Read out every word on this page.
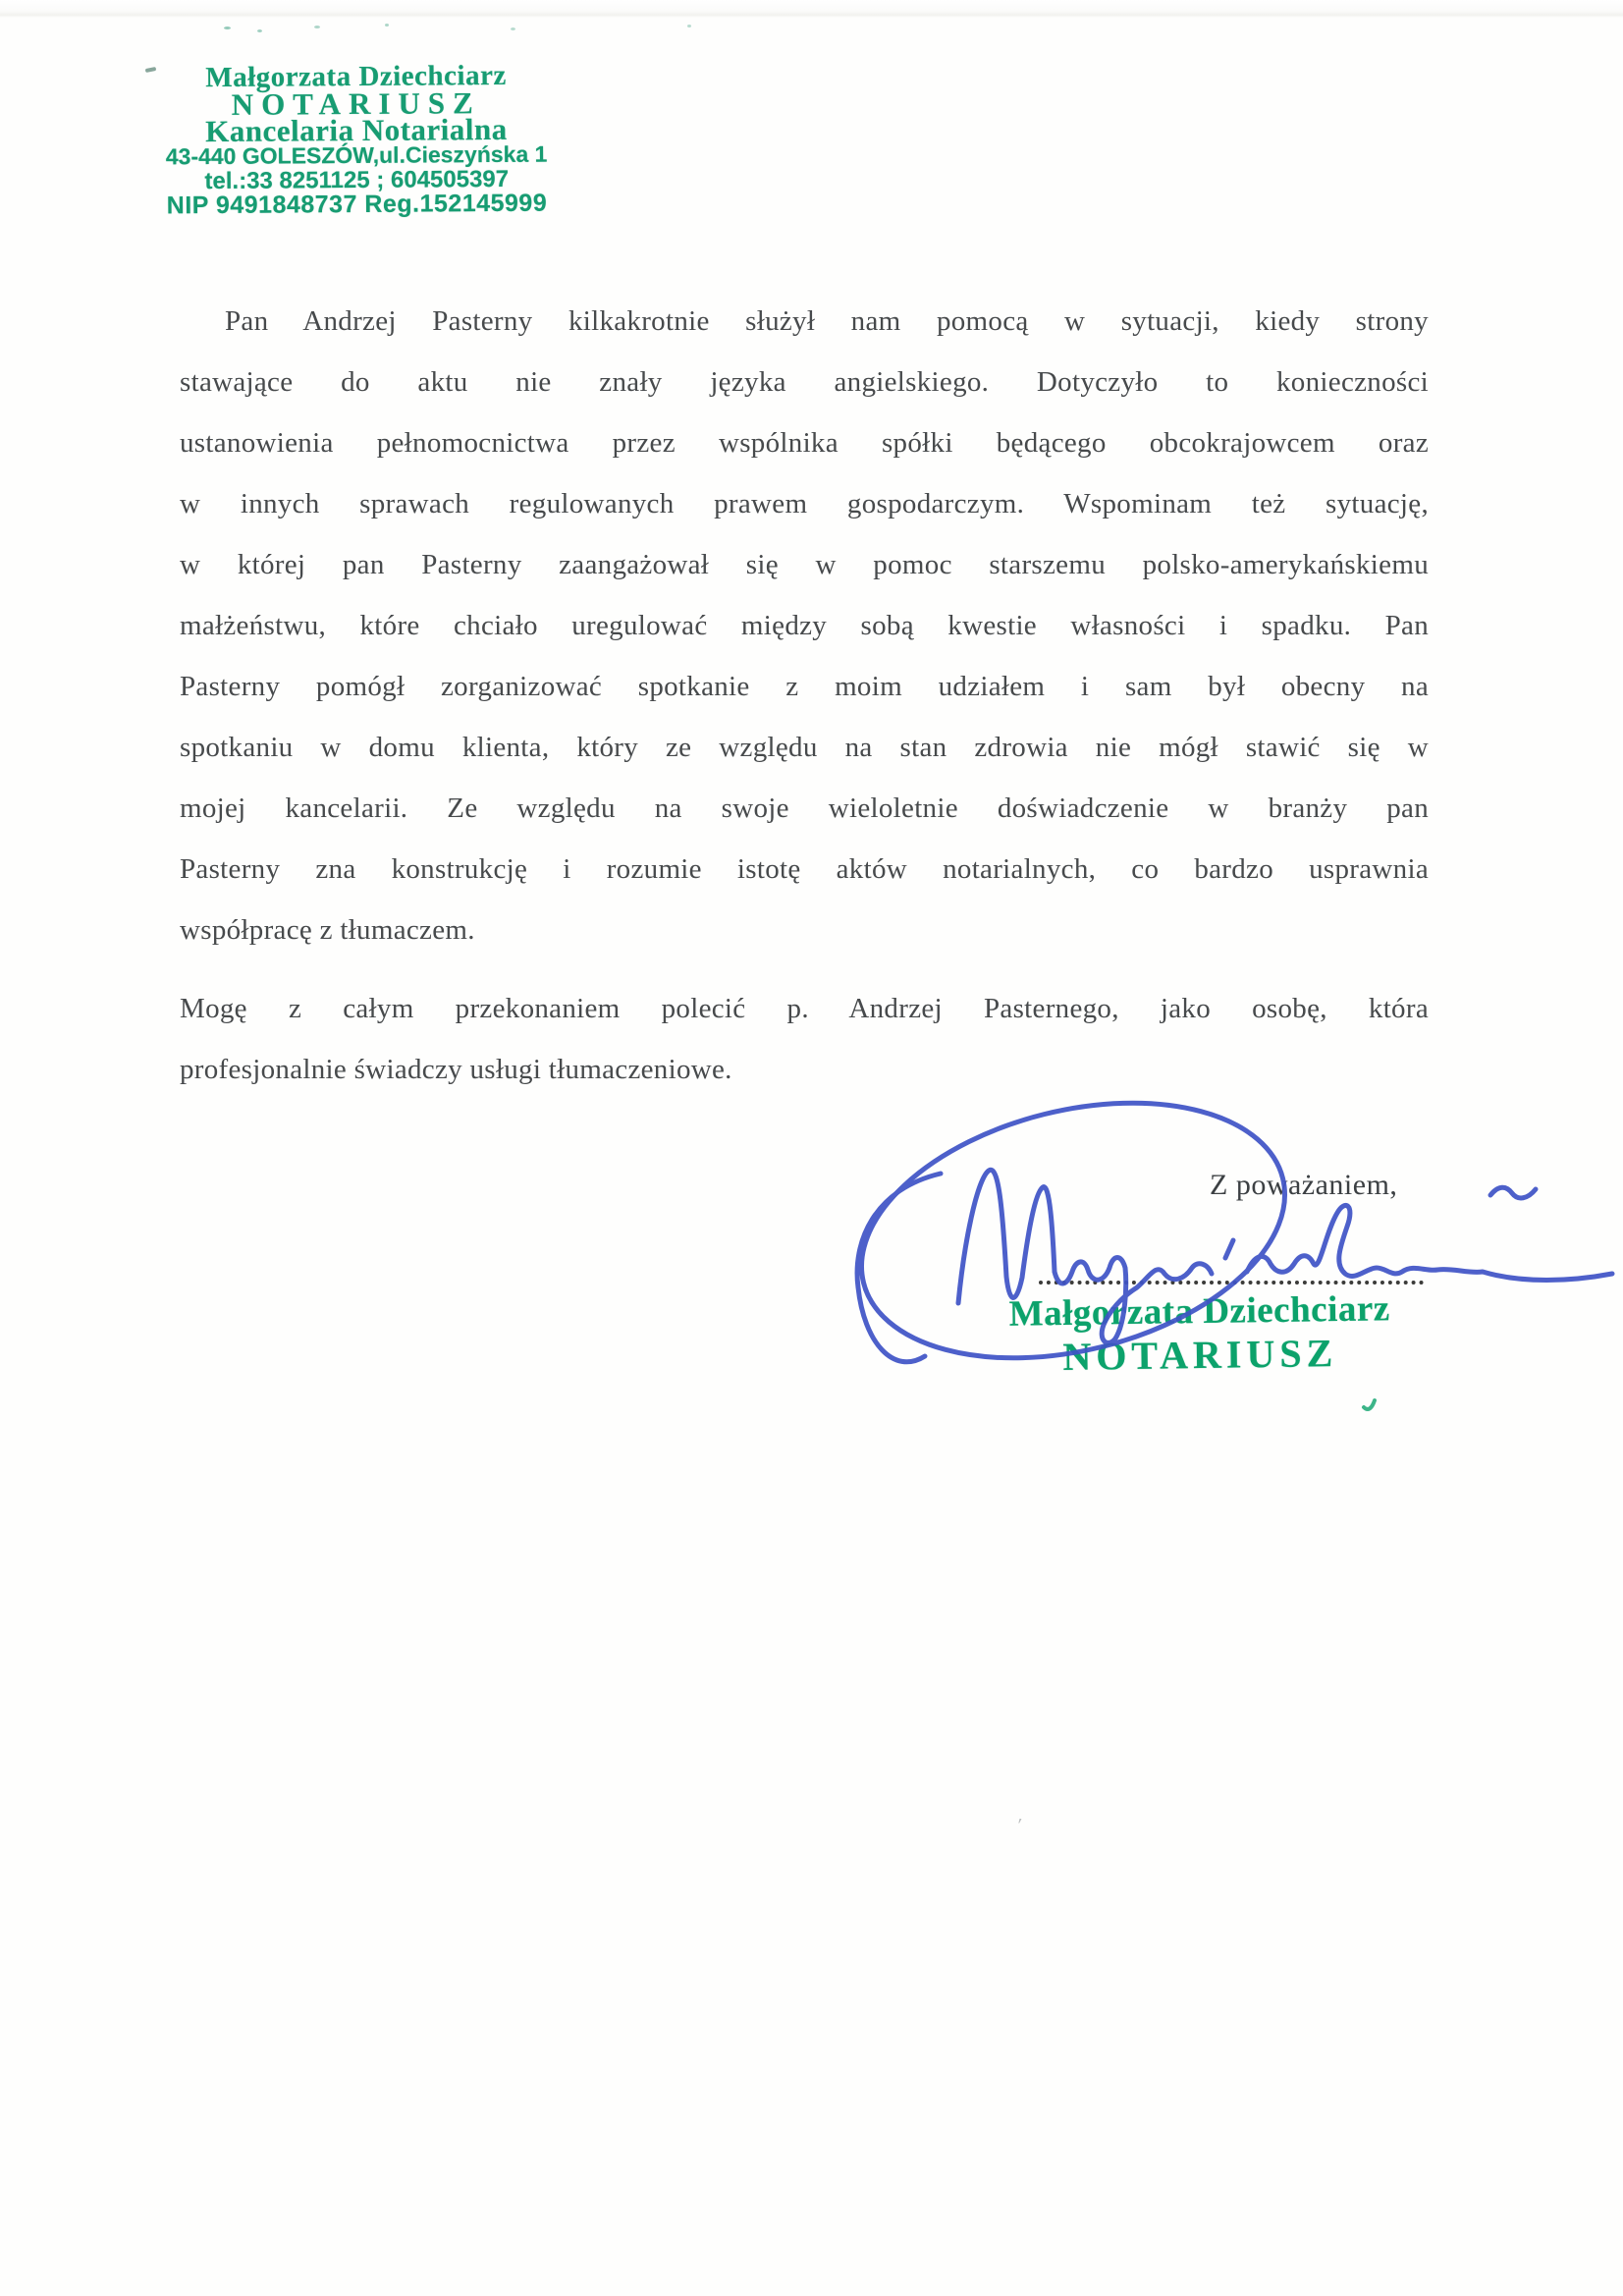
Małgorzata Dziechciarz
NOTARIUSZ
Kancelaria Notarialna
43-440 GOLESZÓW,ul.Cieszyńska 1
tel.:33 8251125 ; 604505397
NIP 9491848737 Reg.152145999
Pan Andrzej Pasterny kilkakrotnie służył nam pomocą w sytuacji, kiedy strony
stawające do aktu nie znały języka angielskiego. Dotyczyło to konieczności
ustanowienia pełnomocnictwa przez wspólnika spółki będącego obcokrajowcem oraz
w innych sprawach regulowanych prawem gospodarczym. Wspominam też sytuację,
w której pan Pasterny zaangażował się w pomoc starszemu polsko-amerykańskiemu
małżeństwu, które chciało uregulować między sobą kwestie własności i spadku. Pan
Pasterny pomógł zorganizować spotkanie z moim udziałem i sam był obecny na
spotkaniu w domu klienta, który ze względu na stan zdrowia nie mógł stawić się w
mojej kancelarii. Ze względu na swoje wieloletnie doświadczenie w branży pan
Pasterny zna konstrukcję i rozumie istotę aktów notarialnych, co bardzo usprawnia
współpracę z tłumaczem.
Mogę z całym przekonaniem polecić p. Andrzej Pasternego, jako osobę, która
profesjonalnie świadczy usługi tłumaczeniowe.
Z poważaniem,
Małgorzata Dziechciarz
NOTARIUSZ
′
